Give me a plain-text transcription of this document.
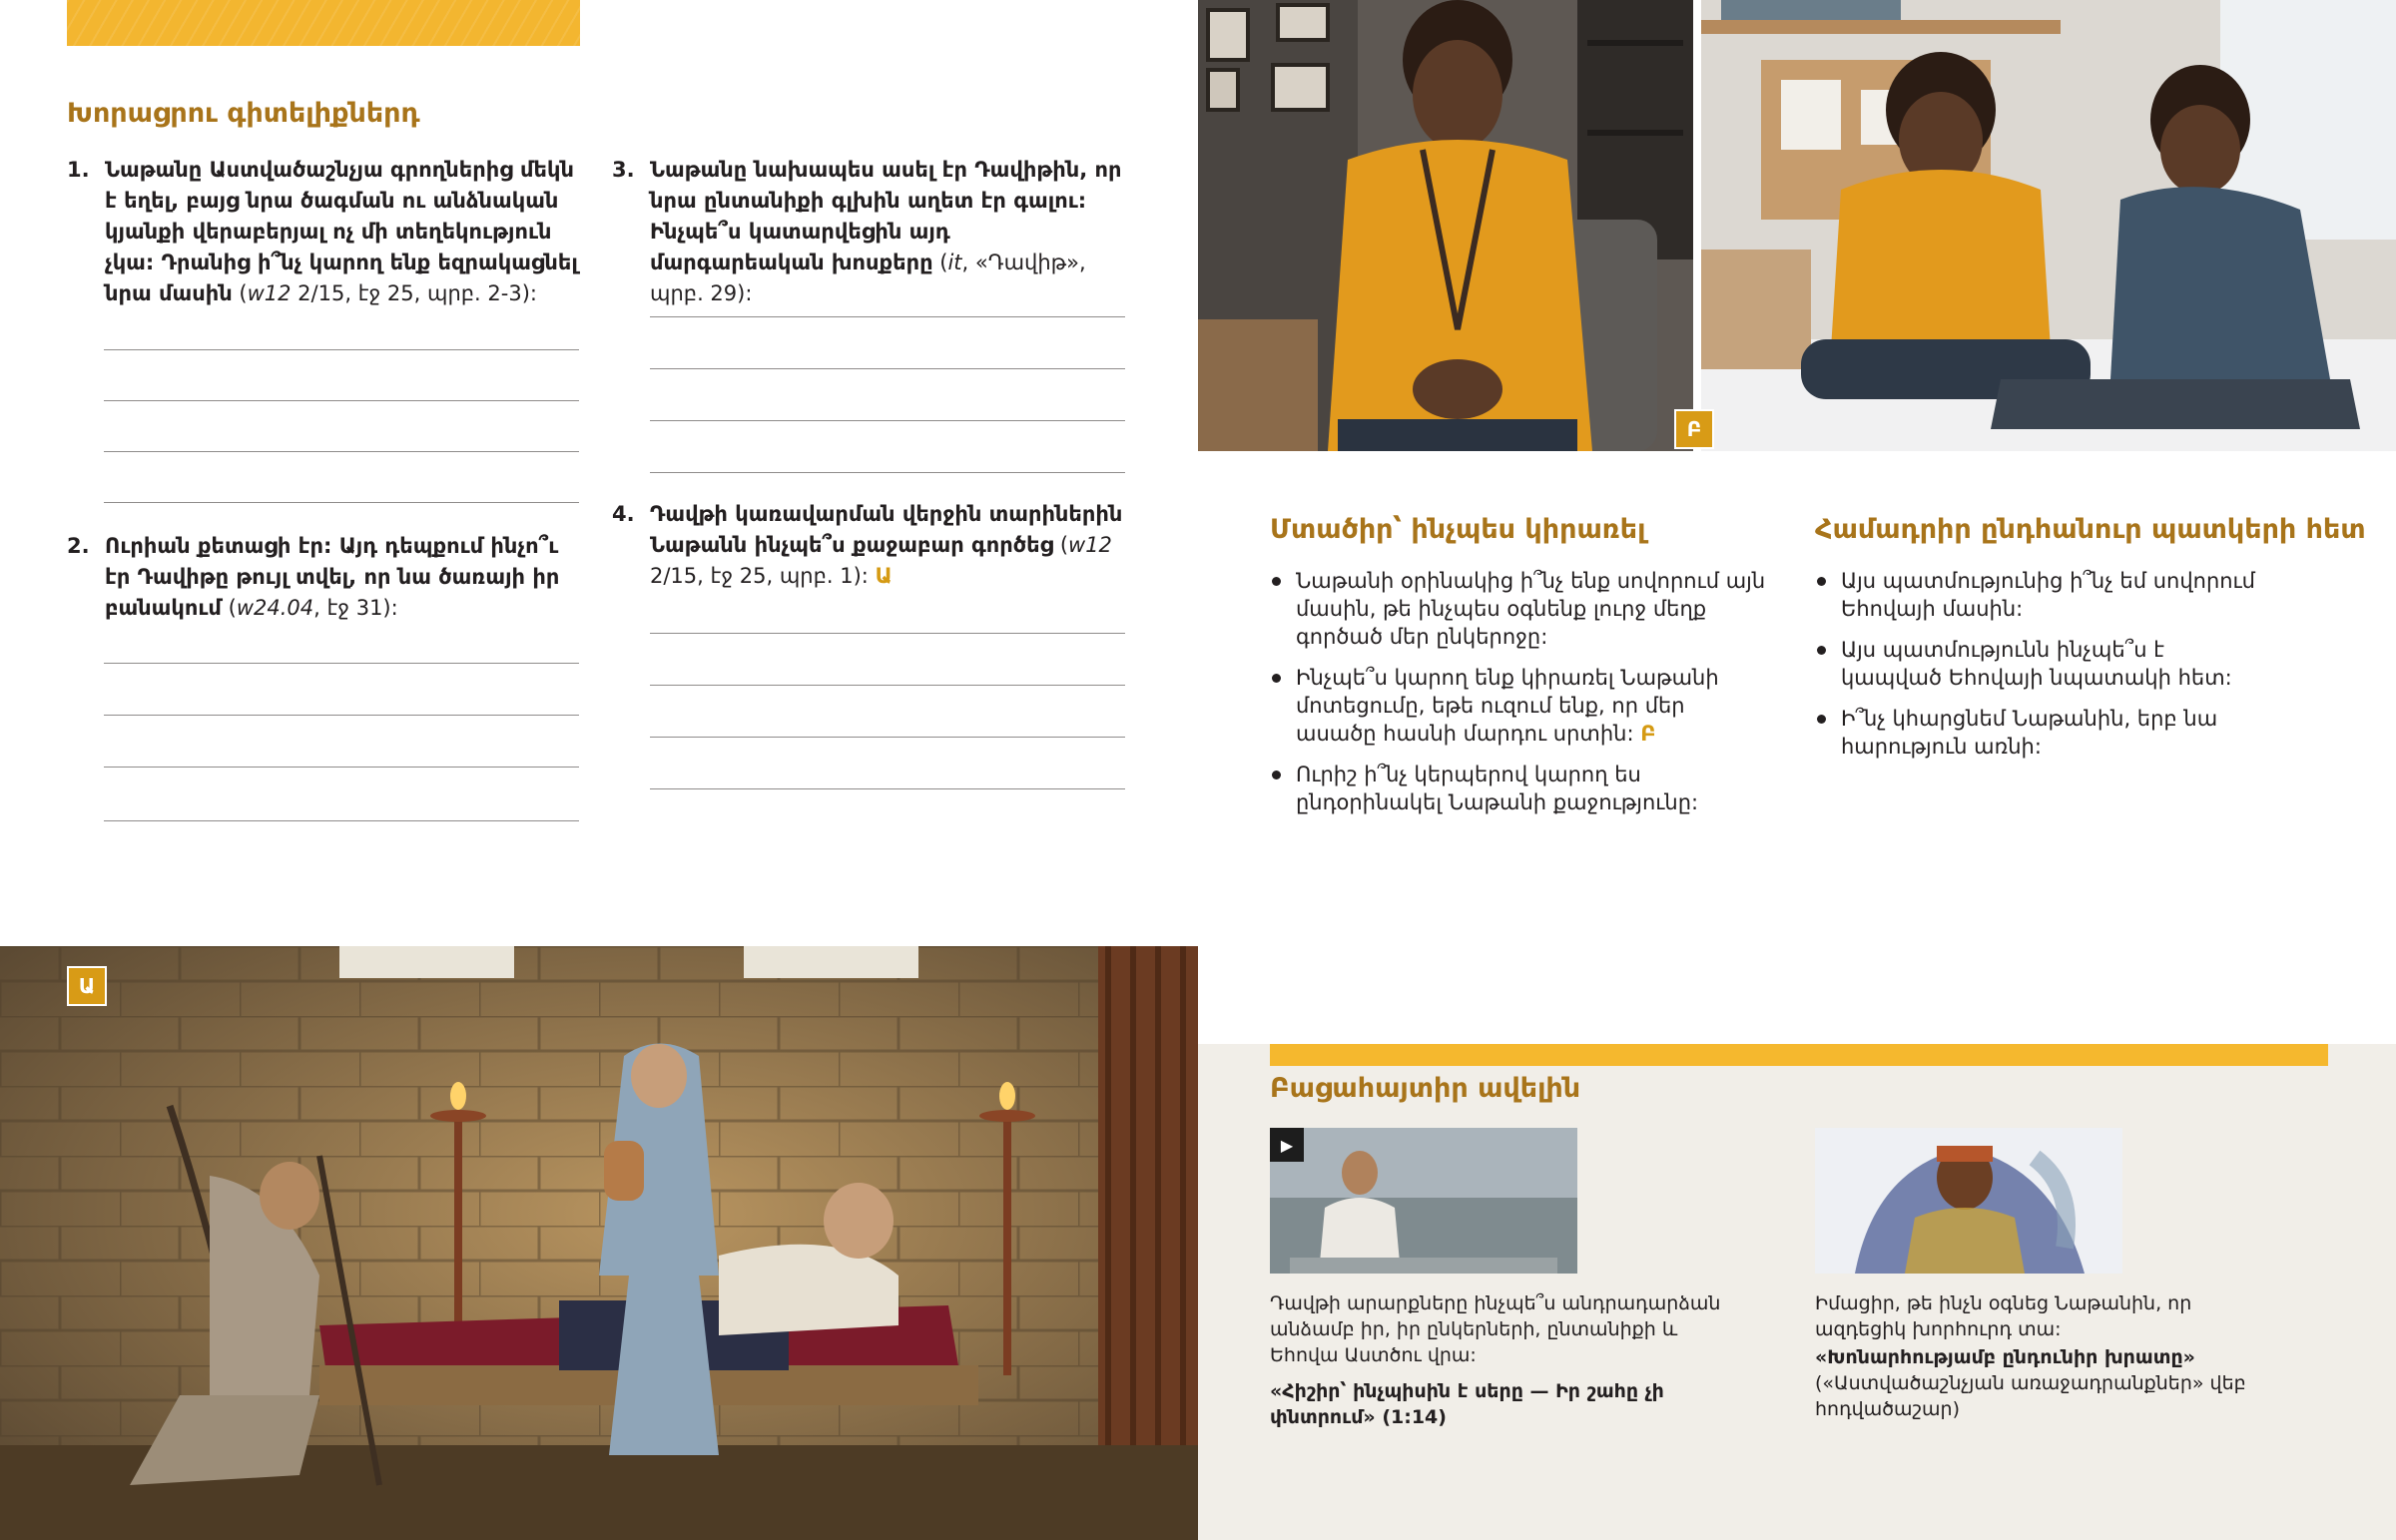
Խորացրու գիտելիքներդ
1. Նաթանը Աստվածաշնչյա գրողներից մեկն է եղել, բայց նրա ծագման ու անձնական կյանքի վերաբերյալ ոչ մի տեղեկություն չկա: Դրանից ի՞նչ կարող ենք եզրակացնել նրա մասին (w12 2/15, էջ 25, պրբ. 2-3):
2. Ուրիան քետացի էր: Այդ դեպքում ինչո՞ւ էր Դավիթը թույլ տվել, որ նա ծառայի իր բանակում (w24.04, էջ 31):
3. Նաթանը նախապես ասել էր Դավիթին, որ նրա ընտանիքի գլխին աղետ էր գալու: Ինչպե՞ս կատարվեցին այդ մարգարեական խոսքերը (it, «Դավիթ», պրբ. 29):
4. Դավթի կառավարման վերջին տարիներին Նաթանն ինչպե՞ս քաջաբար գործեց (w12 2/15, էջ 25, պրբ. 1): Ա
Բ
Մտածիր՝ ինչպես կիրառել
Նաթանի օրինակից ի՞նչ ենք սովորում այն մասին, թե ինչպես օգնենք լուրջ մեղք գործած մեր ընկերոջը:
Ինչպե՞ս կարող ենք կիրառել Նաթանի մոտեցումը, եթե ուզում ենք, որ մեր ասածը հասնի մարդու սրտին: Բ
Ուրիշ ի՞նչ կերպերով կարող ես ընդօրինակել Նաթանի քաջությունը:
Համադրիր ընդհանուր պատկերի հետ
Այս պատմությունից ի՞նչ եմ սովորում Եհովայի մասին:
Այս պատմությունն ինչպե՞ս է կապված Եհովայի նպատակի հետ:
Ի՞նչ կհարցնեմ Նաթանին, երբ նա հարություն առնի:
Ա
Բացահայտիր ավելին
▶
Դավթի արարքները ինչպե՞ս անդրադարձան անձամբ իր, իր ընկերների, ընտանիքի և Եհովա Աստծու վրա:
«Հիշիր՝ ինչպիսին է սերը — Իր շահը չի փնտրում» (1:14)
Իմացիր, թե ինչն օգնեց Նաթանին, որ ազդեցիկ խորհուրդ տա:
«Խոնարհությամբ ընդունիր խրատը»
(«Աստվածաշնչյան առաջադրանքներ» վեբ հոդվածաշար)
